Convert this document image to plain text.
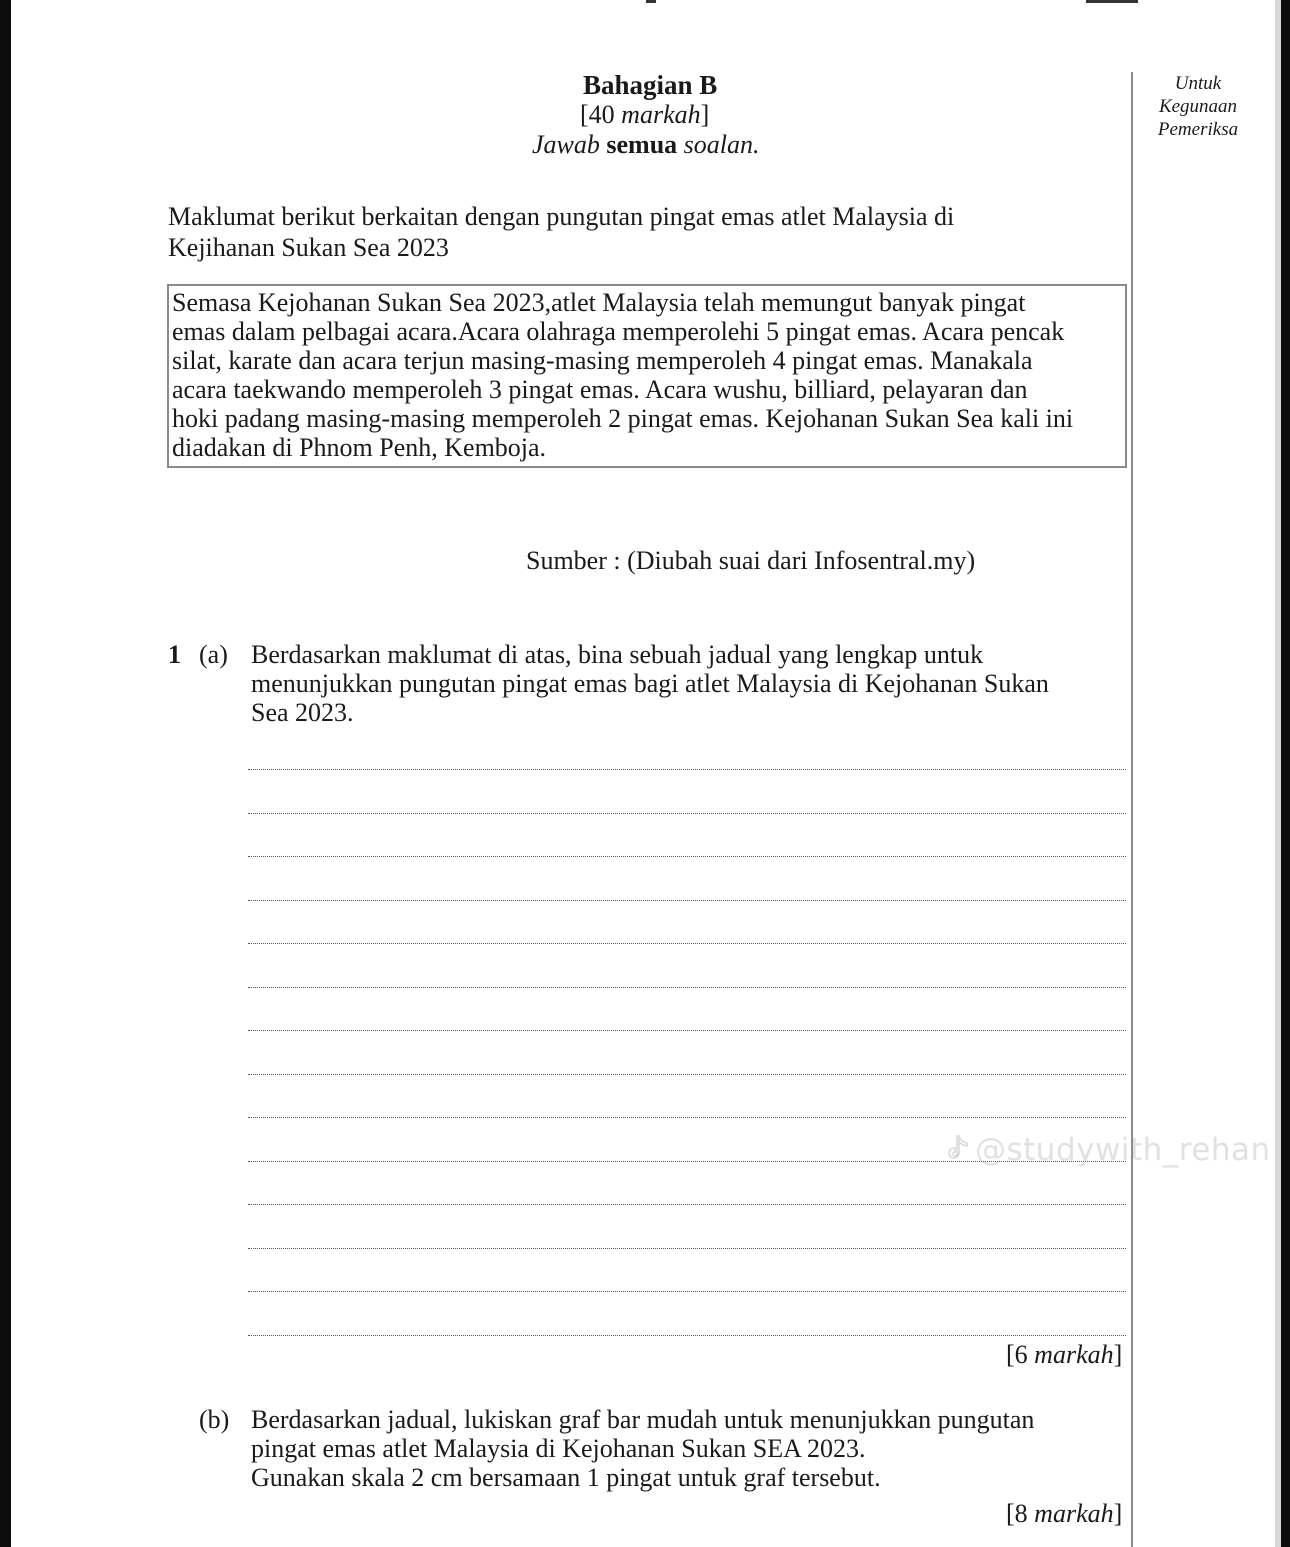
Bahagian B
[40 markah]
Jawab semua soalan.
Untuk
Kegunaan
Pemeriksa
Maklumat berikut berkaitan dengan pungutan pingat emas atlet Malaysia di
Kejihanan Sukan Sea 2023
Semasa Kejohanan Sukan Sea 2023,atlet Malaysia telah memungut banyak pingat
emas dalam pelbagai acara.Acara olahraga memperolehi 5 pingat emas. Acara pencak
silat, karate dan acara terjun masing-masing memperoleh 4 pingat emas. Manakala
acara taekwando memperoleh 3 pingat emas. Acara wushu, billiard, pelayaran dan
hoki padang masing-masing memperoleh 2 pingat emas. Kejohanan Sukan Sea kali ini
diadakan di Phnom Penh, Kemboja.
Sumber : (Diubah suai dari Infosentral.my)
1 (a) Berdasarkan maklumat di atas, bina sebuah jadual yang lengkap untuk
menunjukkan pungutan pingat emas bagi atlet Malaysia di Kejohanan Sukan
Sea 2023.
[6 markah]
(b) Berdasarkan jadual, lukiskan graf bar mudah untuk menunjukkan pungutan
pingat emas atlet Malaysia di Kejohanan Sukan SEA 2023.
Gunakan skala 2 cm bersamaan 1 pingat untuk graf tersebut.
[8 markah]
@studywith_rehan
